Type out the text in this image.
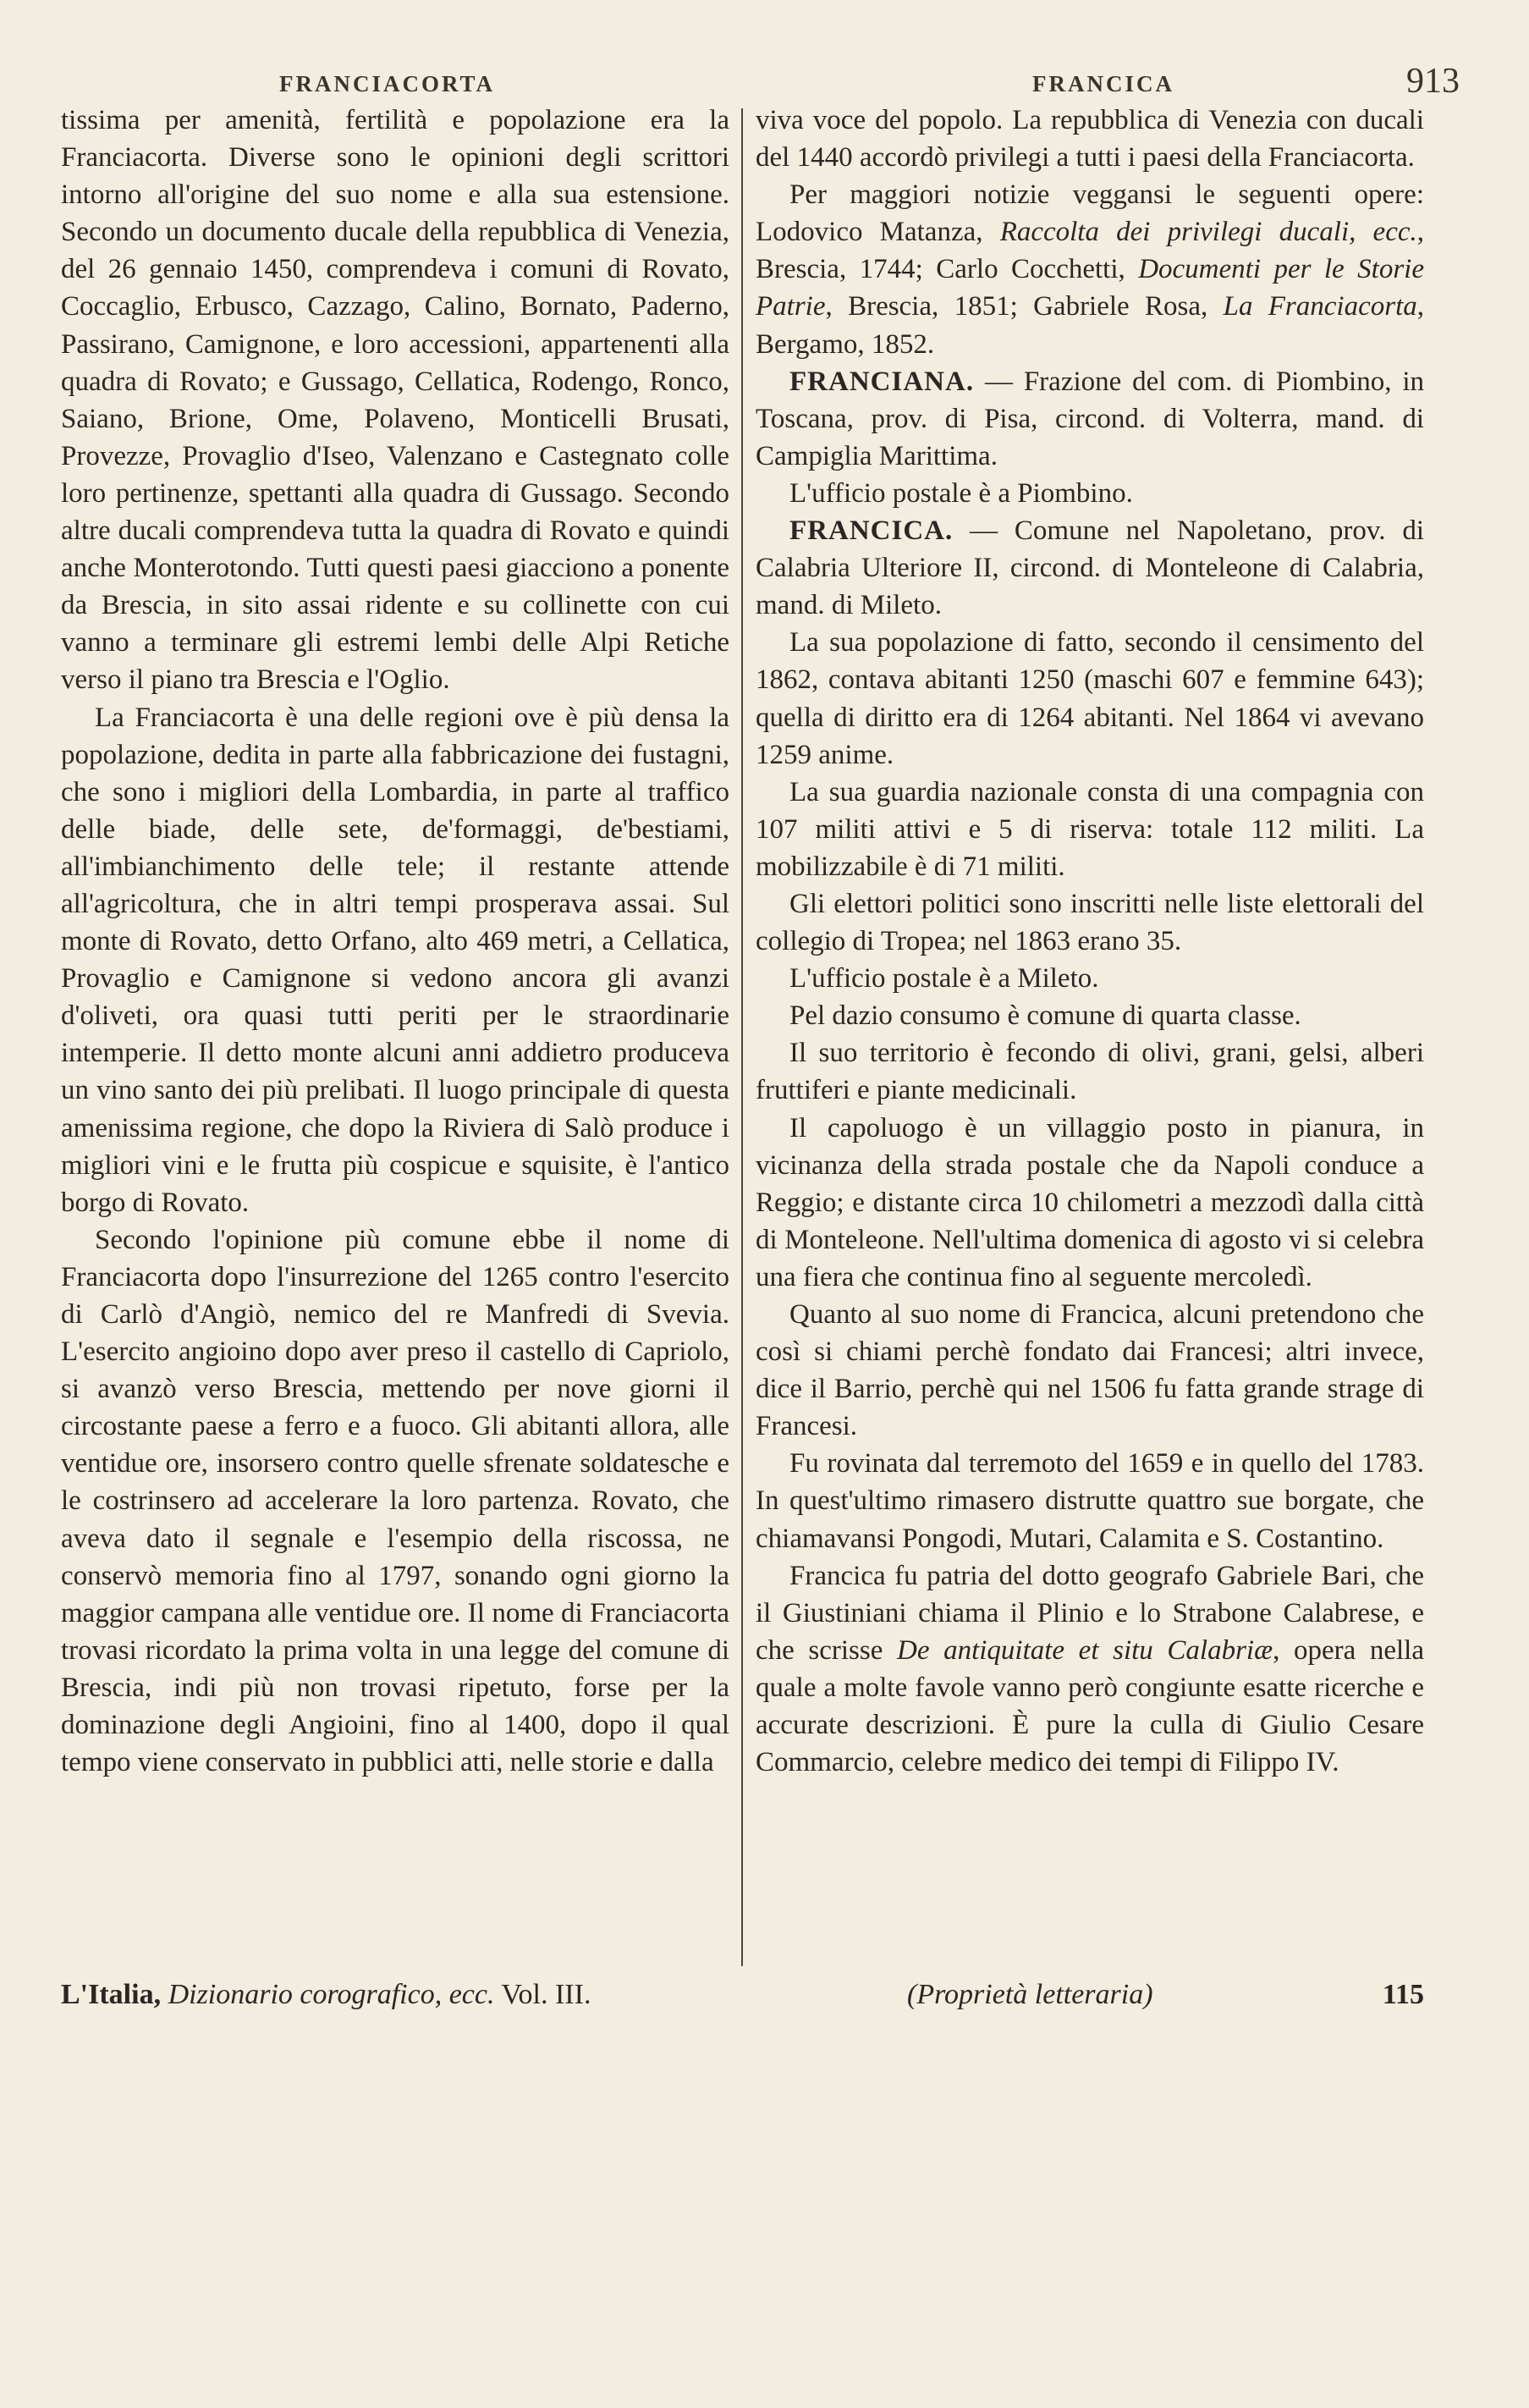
FRANCIACORTA	FRANCICA	913

tissima per amenità, fertilità e popolazione era la Franciacorta. Diverse sono le opinioni degli scrittori intorno all'origine del suo nome e alla sua estensione. Secondo un documento ducale della repubblica di Venezia, del 26 gennaio 1450, comprendeva i comuni di Rovato, Coccaglio, Erbusco, Cazzago, Calino, Bornato, Paderno, Passirano, Camignone, e loro accessioni, appartenenti alla quadra di Rovato; e Gussago, Cellatica, Rodengo, Ronco, Saiano, Brione, Ome, Polaveno, Monticelli Brusati, Provezze, Provaglio d'Iseo, Valenzano e Castegnato colle loro pertinenze, spettanti alla quadra di Gussago. Secondo altre ducali comprendeva tutta la quadra di Rovato e quindi anche Monterotondo. Tutti questi paesi giacciono a ponente da Brescia, in sito assai ridente e su collinette con cui vanno a terminare gli estremi lembi delle Alpi Retiche verso il piano tra Brescia e l'Oglio.

La Franciacorta è una delle regioni ove è più densa la popolazione, dedita in parte alla fabbricazione dei fustagni, che sono i migliori della Lombardia, in parte al traffico delle biade, delle sete, de'formaggi, de'bestiami, all'imbianchimento delle tele; il restante attende all'agricoltura, che in altri tempi prosperava assai. Sul monte di Rovato, detto Orfano, alto 469 metri, a Cellatica, Provaglio e Camignone si vedono ancora gli avanzi d'oliveti, ora quasi tutti periti per le straordinarie intemperie. Il detto monte alcuni anni addietro produceva un vino santo dei più prelibati. Il luogo principale di questa amenissima regione, che dopo la Riviera di Salò produce i migliori vini e le frutta più cospicue e squisite, è l'antico borgo di Rovato.

Secondo l'opinione più comune ebbe il nome di Franciacorta dopo l'insurrezione del 1265 contro l'esercito di Carlò d'Angiò, nemico del re Manfredi di Svevia. L'esercito angioino dopo aver preso il castello di Capriolo, si avanzò verso Brescia, mettendo per nove giorni il circostante paese a ferro e a fuoco. Gli abitanti allora, alle ventidue ore, insorsero contro quelle sfrenate soldatesche e le costrinsero ad accelerare la loro partenza. Rovato, che aveva dato il segnale e l'esempio della riscossa, ne conservò memoria fino al 1797, sonando ogni giorno la maggior campana alle ventidue ore. Il nome di Franciacorta trovasi ricordato la prima volta in una legge del comune di Brescia, indi più non trovasi ripetuto, forse per la dominazione degli Angioini, fino al 1400, dopo il qual tempo viene conservato in pubblici atti, nelle storie e dalla

viva voce del popolo. La repubblica di Venezia con ducali del 1440 accordò privilegi a tutti i paesi della Franciacorta.

Per maggiori notizie veggansi le seguenti opere: Lodovico Matanza, Raccolta dei privilegi ducali, ecc., Brescia, 1744; Carlo Cocchetti, Documenti per le Storie Patrie, Brescia, 1851; Gabriele Rosa, La Franciacorta, Bergamo, 1852.

FRANCIANA. — Frazione del com. di Piombino, in Toscana, prov. di Pisa, circond. di Volterra, mand. di Campiglia Marittima.

L'ufficio postale è a Piombino.

FRANCICA. — Comune nel Napoletano, prov. di Calabria Ulteriore II, circond. di Monteleone di Calabria, mand. di Mileto.

La sua popolazione di fatto, secondo il censimento del 1862, contava abitanti 1250 (maschi 607 e femmine 643); quella di diritto era di 1264 abitanti. Nel 1864 vi avevano 1259 anime.

La sua guardia nazionale consta di una compagnia con 107 militi attivi e 5 di riserva: totale 112 militi. La mobilizzabile è di 71 militi.

Gli elettori politici sono inscritti nelle liste elettorali del collegio di Tropea; nel 1863 erano 35.

L'ufficio postale è a Mileto.

Pel dazio consumo è comune di quarta classe.

Il suo territorio è fecondo di olivi, grani, gelsi, alberi fruttiferi e piante medicinali.

Il capoluogo è un villaggio posto in pianura, in vicinanza della strada postale che da Napoli conduce a Reggio; e distante circa 10 chilometri a mezzodì dalla città di Monteleone. Nell'ultima domenica di agosto vi si celebra una fiera che continua fino al seguente mercoledì.

Quanto al suo nome di Francica, alcuni pretendono che così si chiami perchè fondato dai Francesi; altri invece, dice il Barrio, perchè qui nel 1506 fu fatta grande strage di Francesi.

Fu rovinata dal terremoto del 1659 e in quello del 1783. In quest'ultimo rimasero distrutte quattro sue borgate, che chiamavansi Pongodi, Mutari, Calamita e S. Costantino.

Francica fu patria del dotto geografo Gabriele Bari, che il Giustiniani chiama il Plinio e lo Strabone Calabrese, e che scrisse De antiquitate et situ Calabriæ, opera nella quale a molte favole vanno però congiunte esatte ricerche e accurate descrizioni. È pure la culla di Giulio Cesare Commarcio, celebre medico dei tempi di Filippo IV.

L'Italia, Dizionario corografico, ecc. Vol. III.	(Proprietà letteraria)	115
